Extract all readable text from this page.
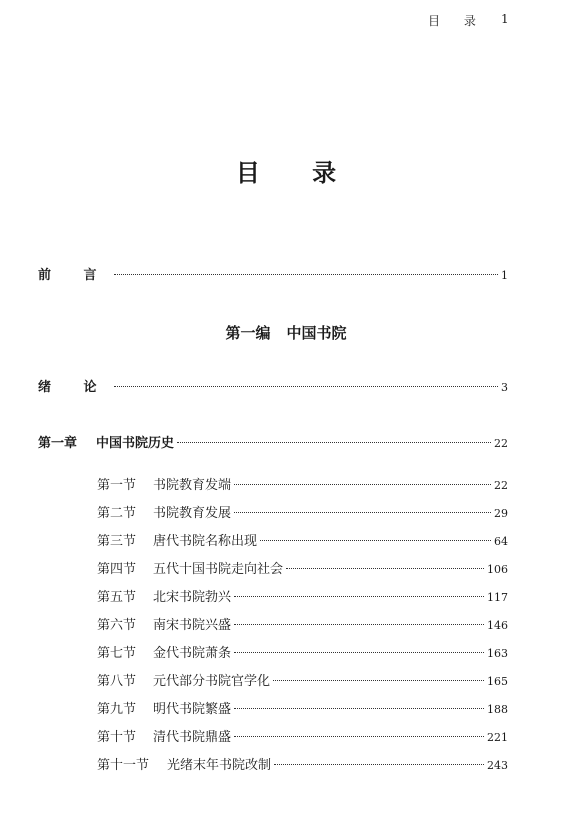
目 录 1
目 录
前 言	1
第一编 中国书院
绪 论	3
第一章 中国书院历史	22
第一节 书院教育发端	22
第二节 书院教育发展	29
第三节 唐代书院名称出现	64
第四节 五代十国书院走向社会	106
第五节 北宋书院勃兴	117
第六节 南宋书院兴盛	146
第七节 金代书院萧条	163
第八节 元代部分书院官学化	165
第九节 明代书院繁盛	188
第十节 清代书院鼎盛	221
第十一节 光绪末年书院改制	243
